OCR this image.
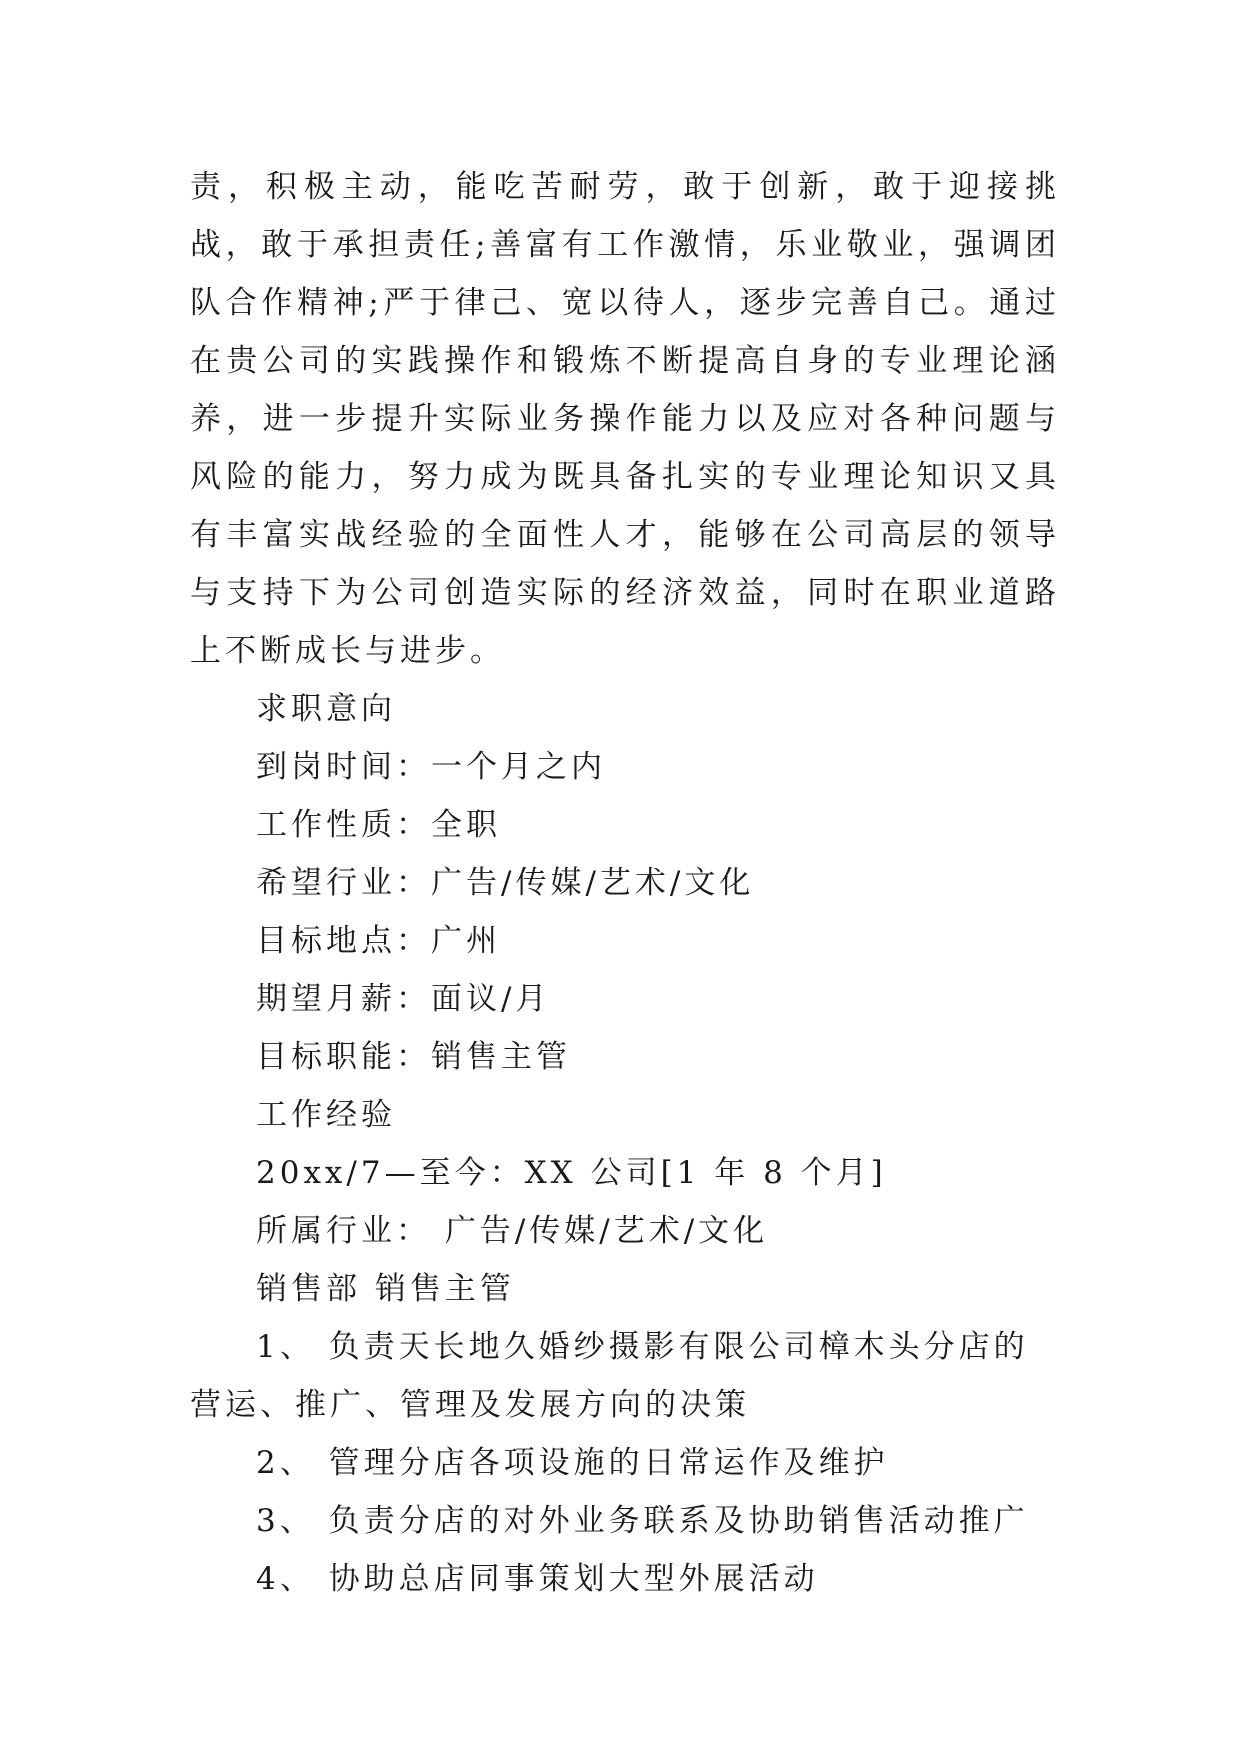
责，积极主动，能吃苦耐劳，敢于创新，敢于迎接挑战，敢于承担责任;善富有工作激情，乐业敬业，强调团队合作精神;严于律己、宽以待人，逐步完善自己。通过在贵公司的实践操作和锻炼不断提高自身的专业理论涵养，进一步提升实际业务操作能力以及应对各种问题与风险的能力，努力成为既具备扎实的专业理论知识又具有丰富实战经验的全面性人才，能够在公司高层的领导与支持下为公司创造实际的经济效益，同时在职业道路上不断成长与进步。

求职意向

到岗时间：一个月之内

工作性质：全职

希望行业：广告/传媒/艺术/文化

目标地点：广州

期望月薪：面议/月

目标职能：销售主管

工作经验

20xx/7—至今：XX 公司[1 年 8 个月]

所属行业： 广告/传媒/艺术/文化

销售部 销售主管

1、 负责天长地久婚纱摄影有限公司樟木头分店的营运、推广、管理及发展方向的决策

2、 管理分店各项设施的日常运作及维护

3、 负责分店的对外业务联系及协助销售活动推广

4、 协助总店同事策划大型外展活动
